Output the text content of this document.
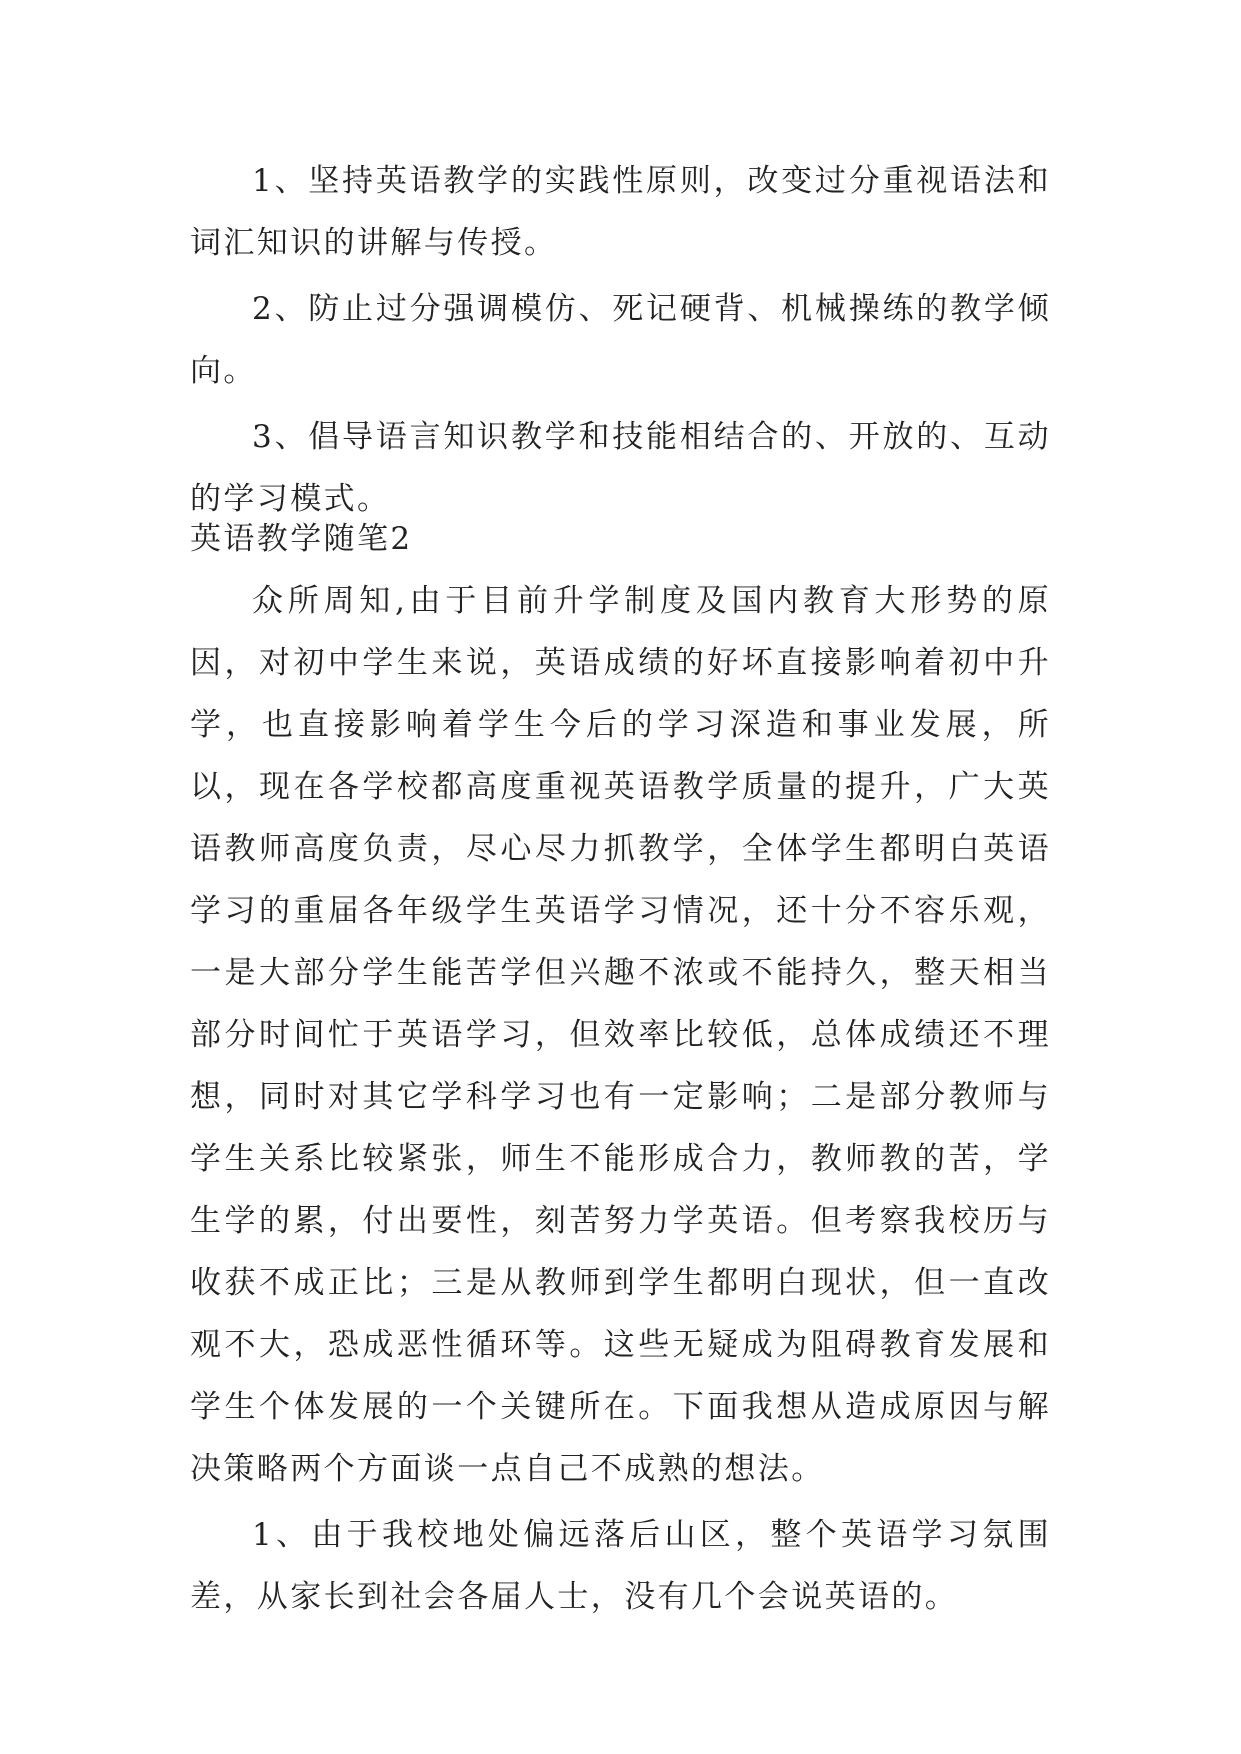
1、坚持英语教学的实践性原则，改变过分重视语法和词汇知识的讲解与传授。

2、防止过分强调模仿、死记硬背、机械操练的教学倾向。

3、倡导语言知识教学和技能相结合的、开放的、互动的学习模式。

英语教学随笔2

众所周知,由于目前升学制度及国内教育大形势的原因，对初中学生来说，英语成绩的好坏直接影响着初中升学，也直接影响着学生今后的学习深造和事业发展，所以，现在各学校都高度重视英语教学质量的提升，广大英语教师高度负责，尽心尽力抓教学，全体学生都明白英语学习的重届各年级学生英语学习情况，还十分不容乐观，一是大部分学生能苦学但兴趣不浓或不能持久，整天相当部分时间忙于英语学习，但效率比较低，总体成绩还不理想，同时对其它学科学习也有一定影响；二是部分教师与学生关系比较紧张，师生不能形成合力，教师教的苦，学生学的累，付出要性，刻苦努力学英语。但考察我校历与收获不成正比；三是从教师到学生都明白现状，但一直改观不大，恐成恶性循环等。这些无疑成为阻碍教育发展和学生个体发展的一个关键所在。下面我想从造成原因与解决策略两个方面谈一点自己不成熟的想法。

1、由于我校地处偏远落后山区，整个英语学习氛围差，从家长到社会各届人士，没有几个会说英语的。
